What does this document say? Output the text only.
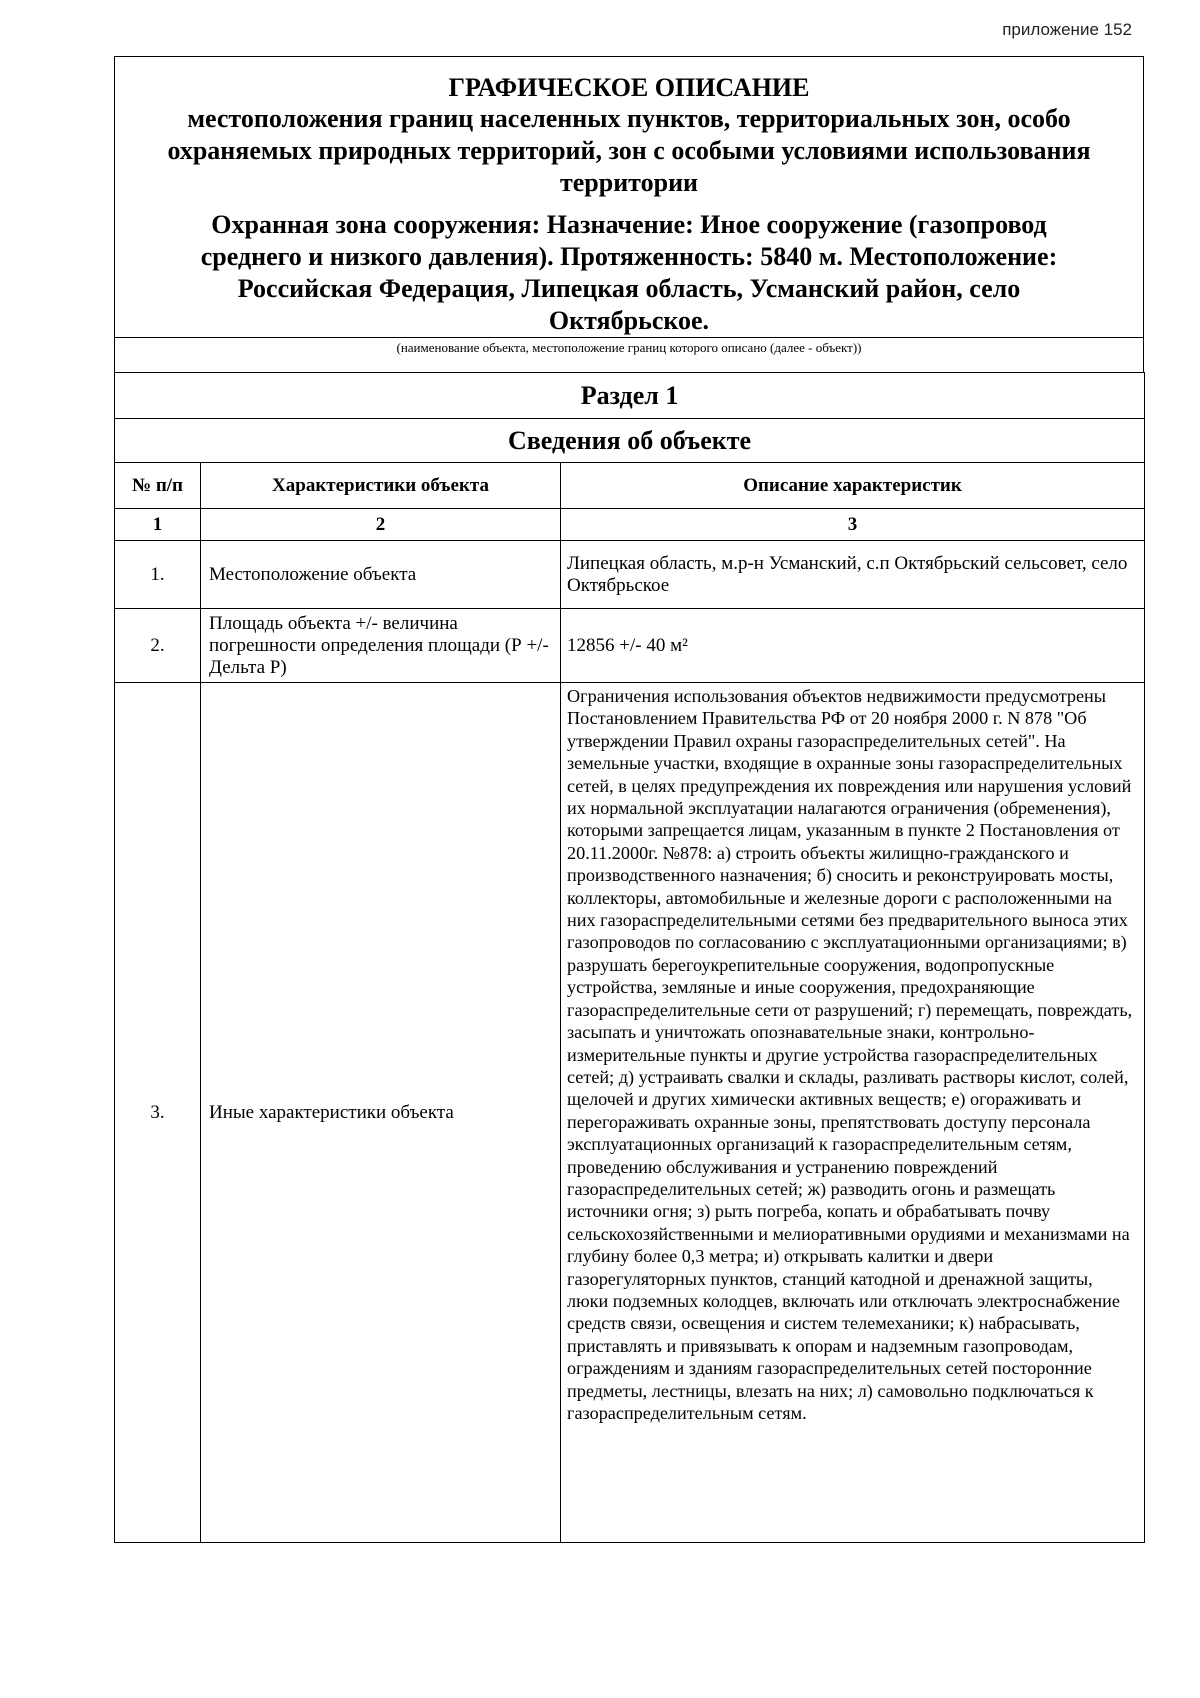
приложение 152
ГРАФИЧЕСКОЕ ОПИСАНИЕ
местоположения границ населенных пунктов, территориальных зон, особо охраняемых природных территорий, зон с особыми условиями использования территории
Охранная зона сооружения: Назначение: Иное сооружение (газопровод среднего и низкого давления). Протяженность: 5840 м. Местоположение: Российская Федерация, Липецкая область, Усманский район, село Октябрьское.
(наименование объекта, местоположение границ которого описано (далее - объект))
Раздел 1		
Сведения об объекте		
№ п/п	Характеристики объекта	Описание характеристик
1	2	3
1.	Местоположение объекта	Липецкая область, м.р-н Усманский, с.п Октябрьский сельсовет, село Октябрьское
2.	Площадь объекта +/- величина погрешности определения площади (Р +/- Дельта Р)	12856 +/- 40 м²
3.	Иные характеристики объекта	Ограничения использования объектов недвижимости предусмотрены Постановлением Правительства РФ от 20 ноября 2000 г. N 878 "Об утверждении Правил охраны газораспределительных сетей". На земельные участки, входящие в охранные зоны газораспределительных сетей, в целях предупреждения их повреждения или нарушения условий их нормальной эксплуатации налагаются ограничения (обременения), которыми запрещается лицам, указанным в пункте 2 Постановления от 20.11.2000г. №878: а) строить объекты жилищно-гражданского и производственного назначения; б) сносить и реконструировать мосты, коллекторы, автомобильные и железные дороги с расположенными на них газораспределительными сетями без предварительного выноса этих газопроводов по согласованию с эксплуатационными организациями; в) разрушать берегоукрепительные сооружения, водопропускные устройства, земляные и иные сооружения, предохраняющие газораспределительные сети от разрушений; г) перемещать, повреждать, засыпать и уничтожать опознавательные знаки, контрольно-измерительные пункты и другие устройства газораспределительных сетей; д) устраивать свалки и склады, разливать растворы кислот, солей, щелочей и других химически активных веществ; е) огораживать и перегораживать охранные зоны, препятствовать доступу персонала эксплуатационных организаций к газораспределительным сетям, проведению обслуживания и устранению повреждений газораспределительных сетей; ж) разводить огонь и размещать источники огня; з) рыть погреба, копать и обрабатывать почву сельскохозяйственными и мелиоративными орудиями и механизмами на глубину более 0,3 метра; и) открывать калитки и двери газорегуляторных пунктов, станций катодной и дренажной защиты, люки подземных колодцев, включать или отключать электроснабжение средств связи, освещения и систем телемеханики; к) набрасывать, приставлять и привязывать к опорам и надземным газопроводам, ограждениям и зданиям газораспределительных сетей посторонние предметы, лестницы, влезать на них; л) самовольно подключаться к газораспределительным сетям.
